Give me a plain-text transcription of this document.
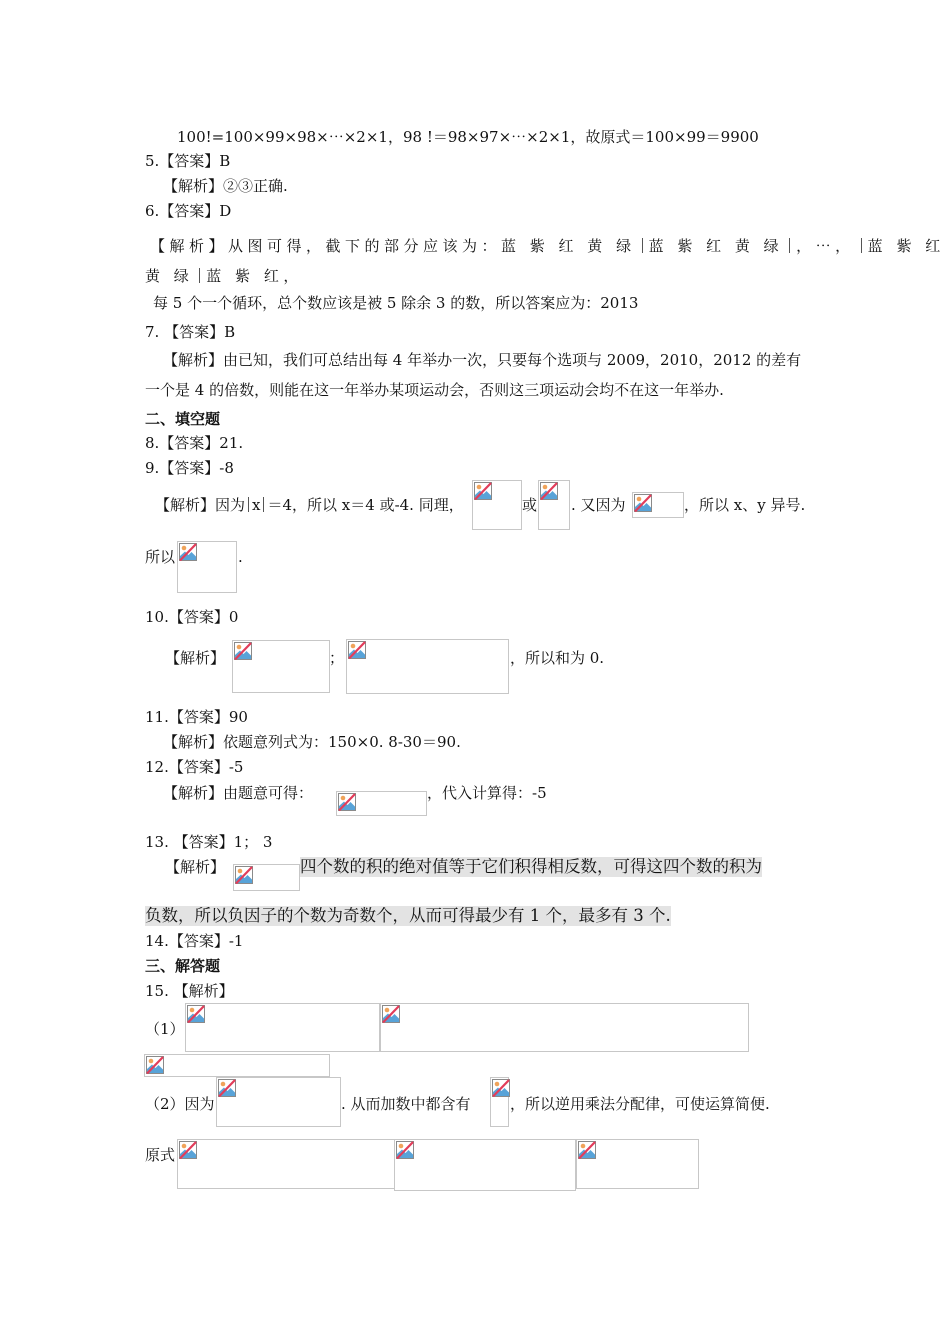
100!=100×99×98×⋯×2×1，98 !＝98×97×⋯×2×1，故原式＝100×99＝9900
5.【答案】B
【解析】②③正确.
6.【答案】D
【解析】从图可得，截下的部分应该为：蓝 紫 红 黄 绿 蓝 紫 红 黄 绿 ，⋯， 蓝 紫 红
黄 绿 蓝 紫 红，
每 5 个一个循环，总个数应该是被 5 除余 3 的数，所以答案应为：2013
7. 【答案】B
【解析】由已知，我们可总结出每 4 年举办一次，只要每个选项与 2009，2010，2012 的差有
一个是 4 的倍数，则能在这一年举办某项运动会，否则这三项运动会均不在这一年举办.
二、填空题
8.【答案】21.
9.【答案】-8
【解析】因为 x ＝4，所以 x＝4 或-4. 同理，	或 . 又因为	，所以 x、y 异号.
所以	.
10.【答案】0
【解析】	；	，所以和为 0.
11.【答案】90
【解析】依题意列式为：150×0. 8-30＝90.
12.【答案】-5
【解析】由题意可得：	，代入计算得：-5
13. 【答案】1； 3
【解析】	四个数的积的绝对值等于它们积得相反数，可得这四个数的积为
负数，所以负因子的个数为奇数个，从而可得最少有 1 个，最多有 3 个.
14.【答案】-1
三、解答题
15. 【解析】
（1）
（2）因为	. 从而加数中都含有	，所以逆用乘法分配律，可使运算简便.
原式
